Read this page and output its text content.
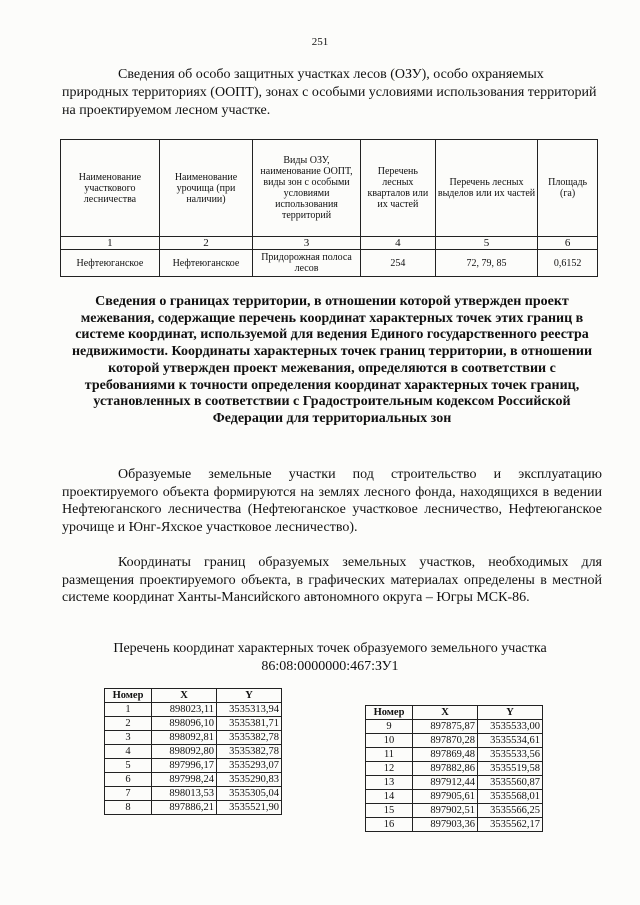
251

Сведения об особо защитных участках лесов (ОЗУ), особо охраняемых природных территориях (ООПТ), зонах с особыми условиями использования территорий на проектируемом лесном участке.

Наименование участкового лесничества	Наименование урочища (при наличии)	Виды ОЗУ, наименование ООПТ, виды зон с особыми условиями использования территорий	Перечень лесных кварталов или их частей	Перечень лесных выделов или их частей	Площадь (га)
1	2	3	4	5	6
Нефтеюганское	Нефтеюганское	Придорожная полоса лесов	254	72, 79, 85	0,6152

Сведения о границах территории, в отношении которой утвержден проект межевания, содержащие перечень координат характерных точек этих границ в системе координат, используемой для ведения Единого государственного реестра недвижимости. Координаты характерных точек границ территории, в отношении которой утвержден проект межевания, определяются в соответствии с требованиями к точности определения координат характерных точек границ, установленных в соответствии с Градостроительным кодексом Российской Федерации для территориальных зон

Образуемые земельные участки под строительство и эксплуатацию проектируемого объекта формируются на землях лесного фонда, находящихся в ведении Нефтеюганского лесничества (Нефтеюганское участковое лесничество, Нефтеюганское урочище и Юнг-Яхское участковое лесничество).

Координаты границ образуемых земельных участков, необходимых для размещения проектируемого объекта, в графических материалах определены в местной системе координат Ханты-Мансийского автономного округа – Югры МСК-86.

Перечень координат характерных точек образуемого земельного участка 86:08:0000000:467:ЗУ1

Номер	X	Y
1	898023,11	3535313,94
2	898096,10	3535381,71
3	898092,81	3535382,78
4	898092,80	3535382,78
5	897996,17	3535293,07
6	897998,24	3535290,83
7	898013,53	3535305,04
8	897886,21	3535521,90
Номер	X	Y
9	897875,87	3535533,00
10	897870,28	3535534,61
11	897869,48	3535533,56
12	897882,86	3535519,58
13	897912,44	3535560,87
14	897905,61	3535568,01
15	897902,51	3535566,25
16	897903,36	3535562,17
